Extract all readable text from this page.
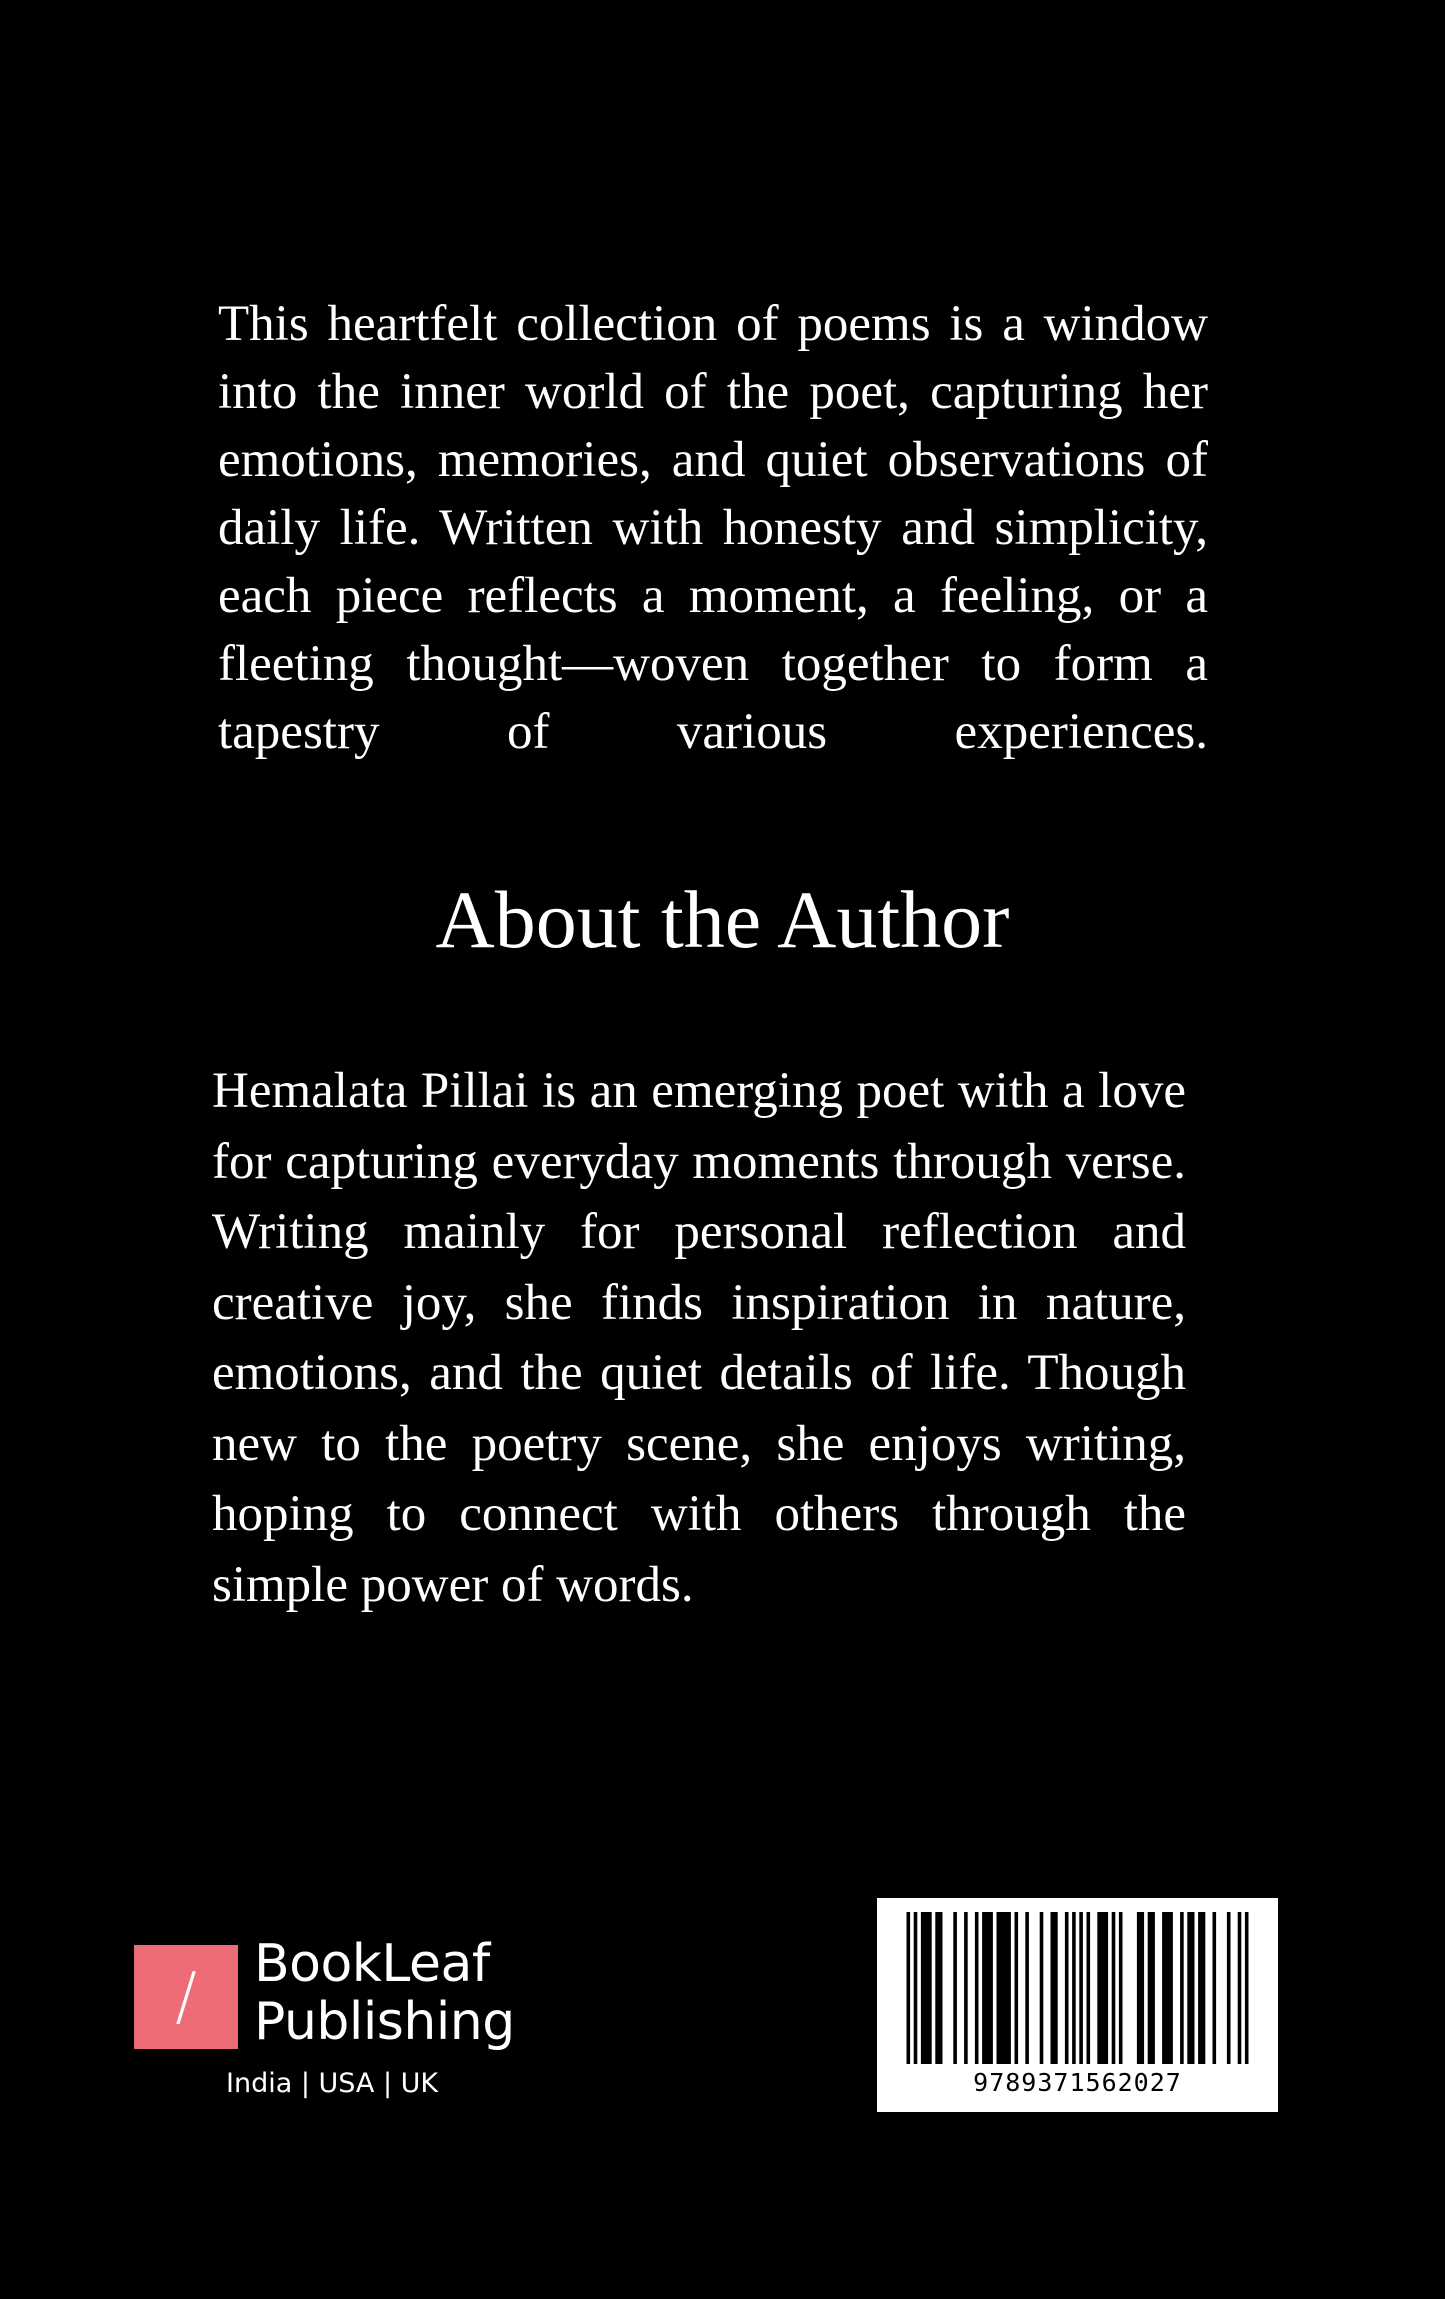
This heartfelt collection of poems is a window into the inner world of the poet, capturing her emotions, memories, and quiet observations of daily life. Written with honesty and simplicity, each piece reflects a moment, a feeling, or a fleeting thought—woven together to form a tapestry of various experiences.

About the Author

Hemalata Pillai is an emerging poet with a love for capturing everyday moments through verse. Writing mainly for personal reflection and creative joy, she finds inspiration in nature, emotions, and the quiet details of life. Though new to the poetry scene, she enjoys writing, hoping to connect with others through the simple power of words.

/	BookLeaf
Publishing
India | USA | UK	9789371562027
